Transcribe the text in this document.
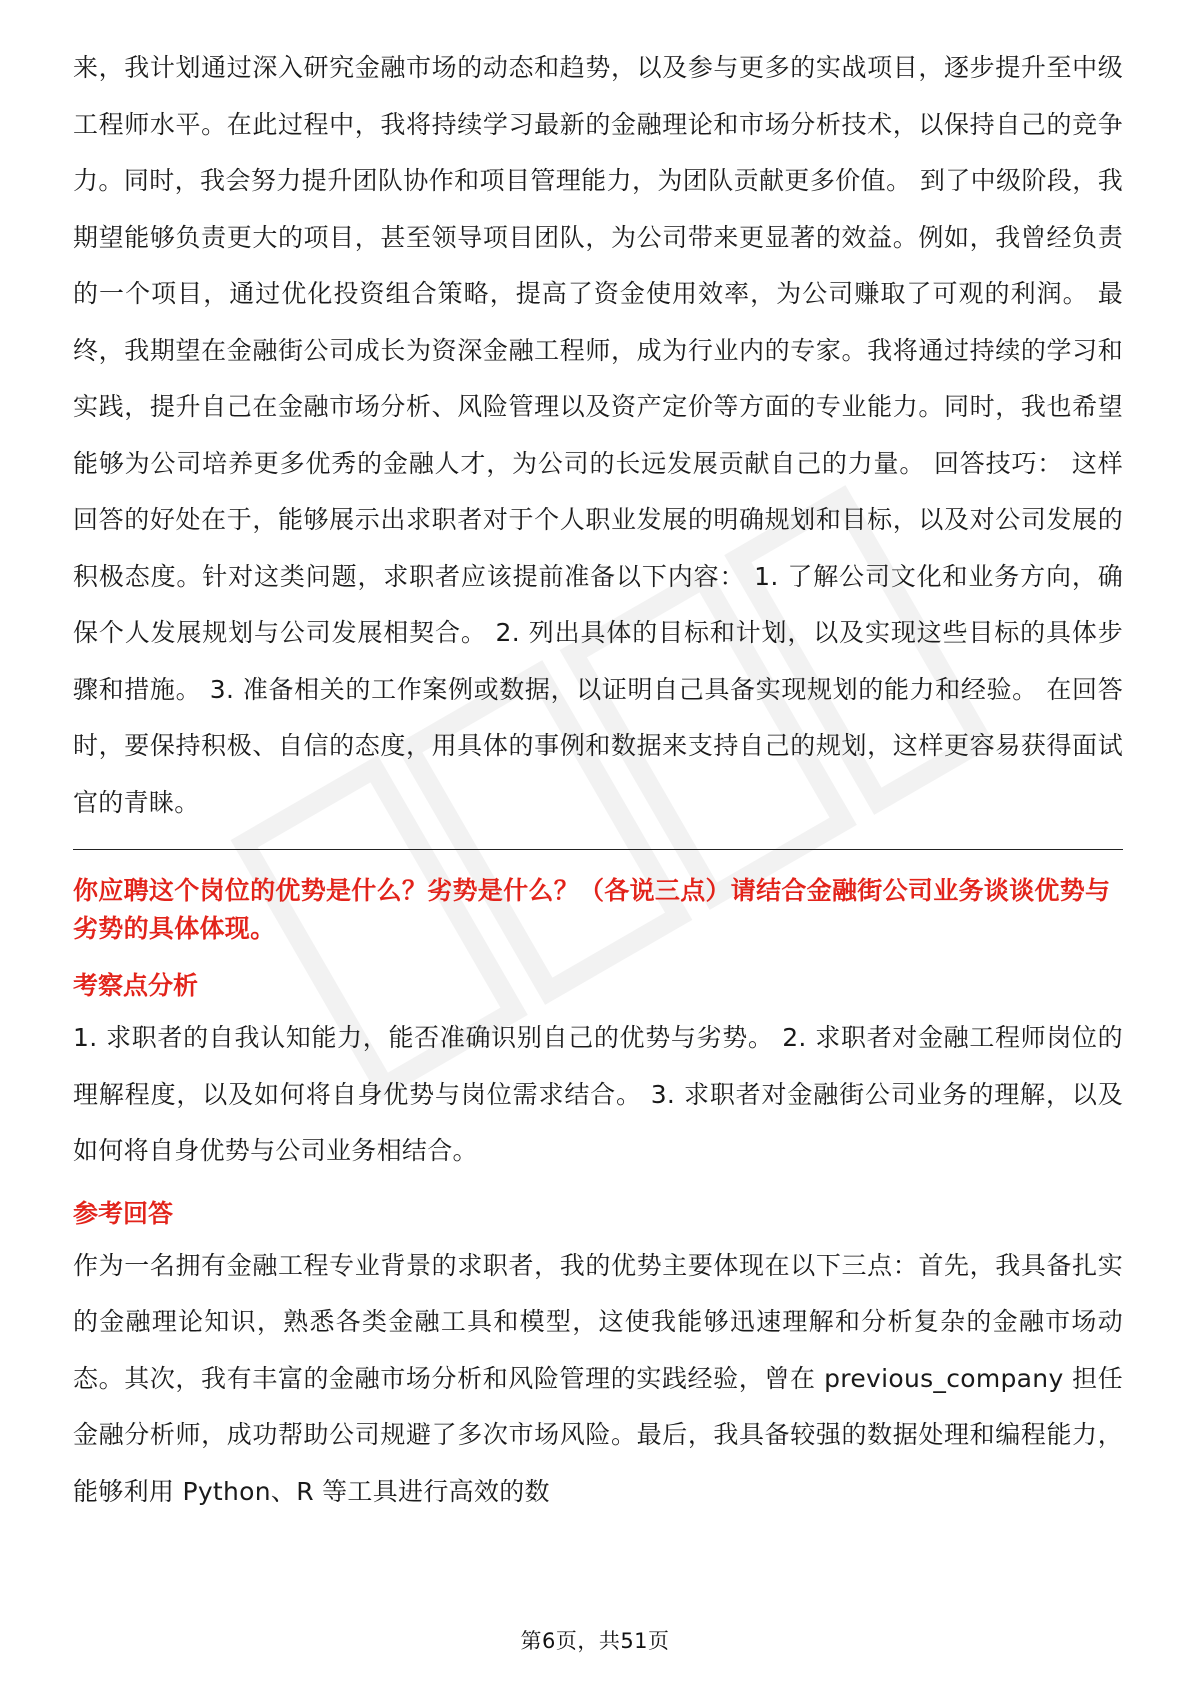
来，我计划通过深入研究金融市场的动态和趋势，以及参与更多的实战项目，逐步提升至中级工程师水平。在此过程中，我将持续学习最新的金融理论和市场分析技术，以保持自己的竞争力。同时，我会努力提升团队协作和项目管理能力，为团队贡献更多价值。 到了中级阶段，我期望能够负责更大的项目，甚至领导项目团队，为公司带来更显著的效益。例如，我曾经负责的一个项目，通过优化投资组合策略，提高了资金使用效率，为公司赚取了可观的利润。 最终，我期望在金融街公司成长为资深金融工程师，成为行业内的专家。我将通过持续的学习和实践，提升自己在金融市场分析、风险管理以及资产定价等方面的专业能力。同时，我也希望能够为公司培养更多优秀的金融人才，为公司的长远发展贡献自己的力量。 回答技巧： 这样回答的好处在于，能够展示出求职者对于个人职业发展的明确规划和目标，以及对公司发展的积极态度。针对这类问题，求职者应该提前准备以下内容： 1. 了解公司文化和业务方向，确保个人发展规划与公司发展相契合。 2. 列出具体的目标和计划，以及实现这些目标的具体步骤和措施。 3. 准备相关的工作案例或数据，以证明自己具备实现规划的能力和经验。 在回答时，要保持积极、自信的态度，用具体的事例和数据来支持自己的规划，这样更容易获得面试官的青睐。

你应聘这个岗位的优势是什么？劣势是什么？（各说三点）请结合金融街公司业务谈谈优势与劣势的具体体现。
考察点分析

1. 求职者的自我认知能力，能否准确识别自己的优势与劣势。 2. 求职者对金融工程师岗位的理解程度，以及如何将自身优势与岗位需求结合。 3. 求职者对金融街公司业务的理解，以及如何将自身优势与公司业务相结合。

参考回答

作为一名拥有金融工程专业背景的求职者，我的优势主要体现在以下三点：首先，我具备扎实的金融理论知识，熟悉各类金融工具和模型，这使我能够迅速理解和分析复杂的金融市场动态。其次，我有丰富的金融市场分析和风险管理的实践经验，曾在 previous_company 担任金融分析师，成功帮助公司规避了多次市场风险。最后，我具备较强的数据处理和编程能力，能够利用 Python、R 等工具进行高效的数

第6页，共51页
